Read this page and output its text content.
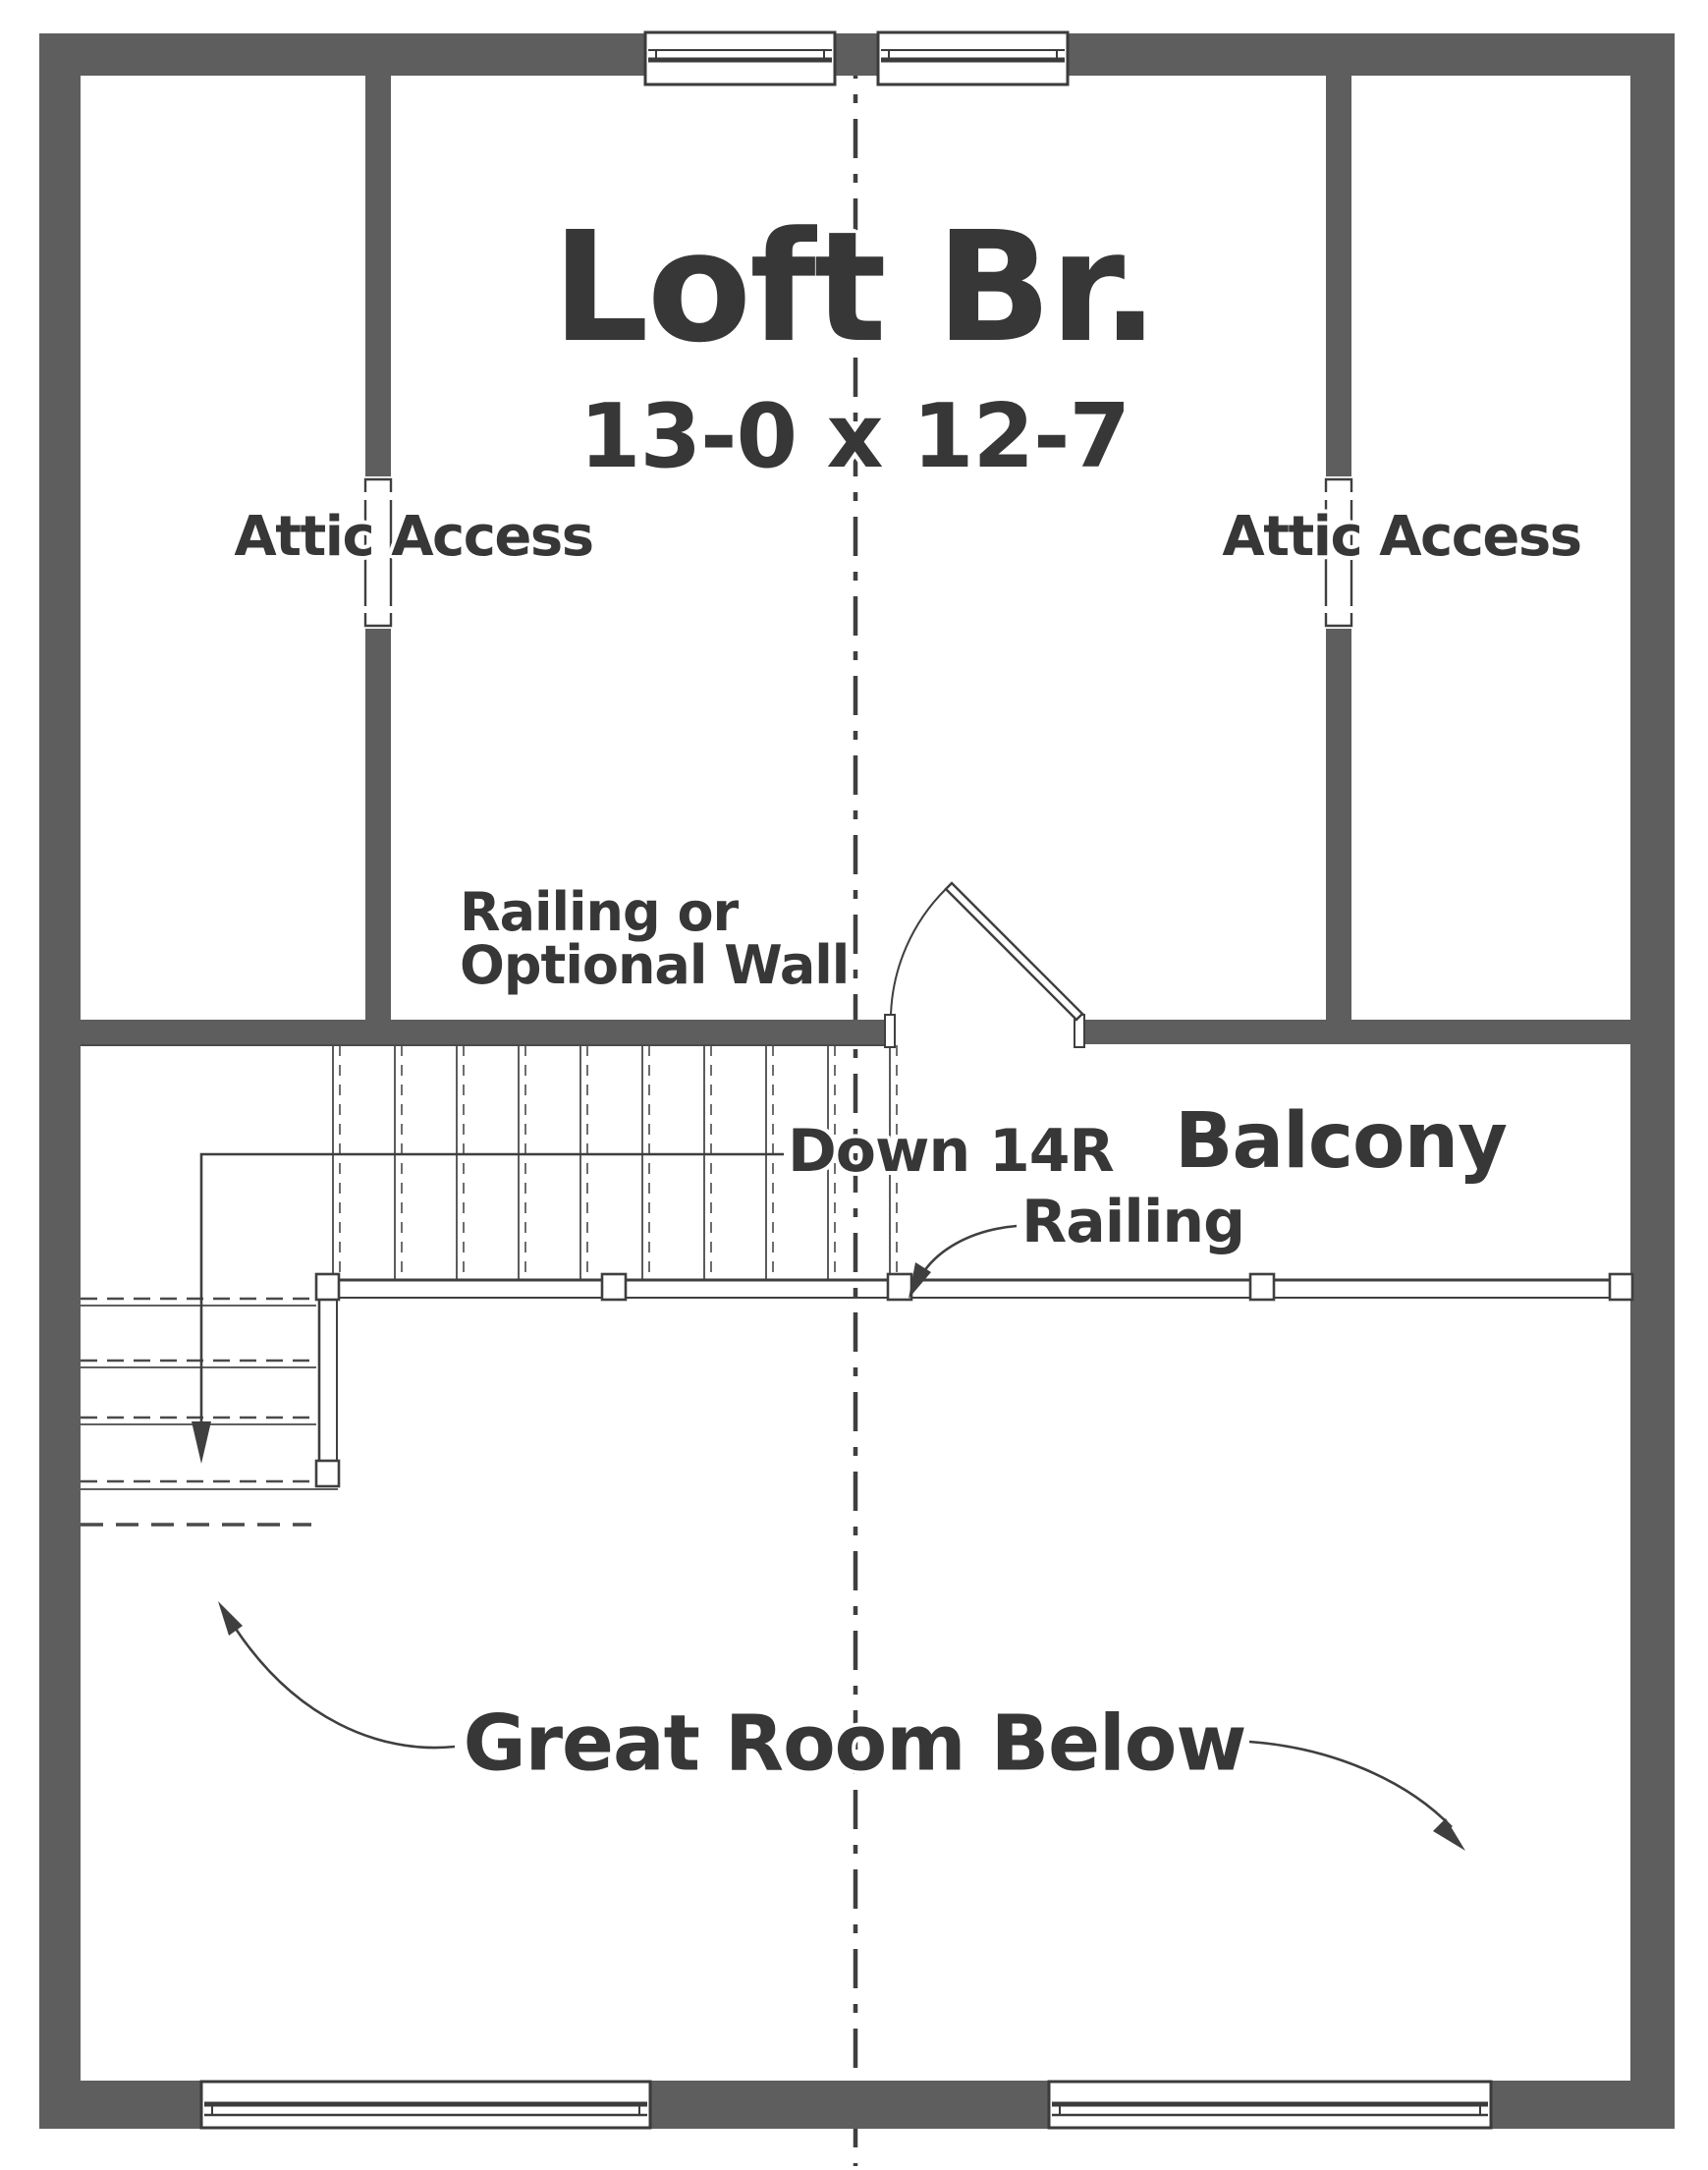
Loft Br.
13-0 x 12-7
Attic Access	Attic Access
Railing or
Optional Wall
Down 14R Balcony
Railing
Great Room Below
